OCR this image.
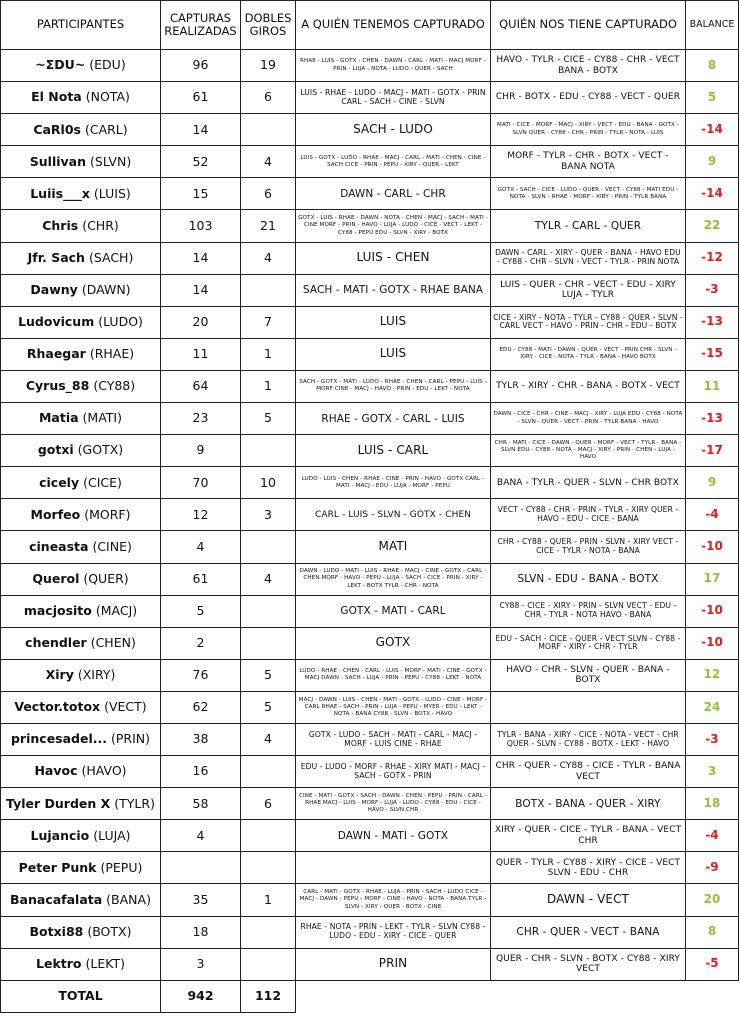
PARTICIPANTES	CAPTURAS REALIZADAS	DOBLES GIROS	A QUIÉN TENEMOS CAPTURADO	QUIÉN NOS TIENE CAPTURADO	BALANCE
~ΣDU~ (EDU)	96	19	RHAE - LUIS - GOTX - CHEN - DAWN - CARL - MATI - MACJ MORF - PRIN - LUJA - NOTA - LUDO - QUER - SACH	HAVO - TYLR - CICE - CY88 - CHR - VECT BANA - BOTX	8
El Nota (NOTA)	61	6	LUIS - RHAE - LUDO - MACJ - MATI - GOTX - PRIN CARL - SACH - CINE - SLVN	CHR - BOTX - EDU - CY88 - VECT - QUER	5
CaRl0s (CARL)	14		SACH - LUDO	MATI - CICE - MORF - MACJ - XIRY - VECT - EDU - BANA - GOTX - SLVN QUER - CY88 - CHR - PRIN - TYLR - NOTA - LUIS	-14
Sullivan (SLVN)	52	4	LUIS - GOTX - LUDO - RHAE - MACJ - CARL - MATI - CHEN - CINE - SACH CICE - PRIN - PEPU - XIRY - QUER - LEKT	MORF - TYLR - CHR - BOTX - VECT - BANA NOTA	9
Luiis___x (LUIS)	15	6	DAWN - CARL - CHR	GOTX - SACH - CICE - LUDO - QUER - VECT - CY88 - MATI EDU - NOTA - SLVN - RHAE - MORF - XIRY - PRIN - TYLR BANA	-14
Chris (CHR)	103	21	GOTX - LUIS - RHAE - DAWN - NOTA - CHEN - MACJ - SACH - MATI - CINE MORF - PRIN - HAVO - LUJA - LUDO - CICE - VECT - LEKT - CY88 - PEPU EDU - SLVN - XIRY - BOTX	TYLR - CARL - QUER	22
Jfr. Sach (SACH)	14	4	LUIS - CHEN	DAWN - CARL - XIRY - QUER - BANA - HAVO EDU - CY88 - CHR - SLVN - VECT - TYLR - PRIN NOTA	-12
Dawny (DAWN)	14		SACH - MATI - GOTX - RHAE BANA	LUIS - QUER - CHR - VECT - EDU - XIRY LUJA - TYLR	-3
Ludovicum (LUDO)	20	7	LUIS	CICE - XIRY - NOTA - TYLR - CY88 - QUER - SLVN - CARL VECT - HAVO - PRIN - CHR - EDU - BOTX	-13
Rhaegar (RHAE)	11	1	LUIS	EDU - CY88 - MATI - DAWN - QUER - VECT - PRIN CHR - SLVN - XIRY - CICE - NOTA - TYLR - BANA - HAVO BOTX	-15
Cyrus_88 (CY88)	64	1	SACH - GOTX - MATI - LUDO - RHAE - CHEN - CARL - PEPU - LUIS - MORF CINE - MACJ - HAVO - PRIN - EDU - LEKT - NOTA	TYLR - XIRY - CHR - BANA - BOTX - VECT	11
Matia (MATI)	23	5	RHAE - GOTX - CARL - LUIS	DAWN - CICE - CHR - CINE - MACJ - XIRY - LUJA EDU - CY88 - NOTA - SLVN - QUER - VECT - PRIN - TYLR BANA - HAVO	-13
gotxi (GOTX)	9		LUIS - CARL	CHR - MATI - CICE - DAWN - QUER - MORF - VECT - TYLR - BANA - SLVN EDU - CY88 - NOTA - MACJ - XIRY - PRIN - CHEN - LUJA - HAVO	-17
cicely (CICE)	70	10	LUDO - LUIS - CHEN - RHAE - CINE - PRIN - HAVO - GOTX CARL - MATI - MACJ - EDU - LUJA - MORF - PEPU	BANA - TYLR - QUER - SLVN - CHR BOTX	9
Morfeo (MORF)	12	3	CARL - LUIS - SLVN - GOTX - CHEN	VECT - CY88 - CHR - PRIN - TYLR - XIRY QUER - HAVO - EDU - CICE - BANA	-4
cineasta (CINE)	4		MATI	CHR - CY88 - QUER - PRIN - SLVN - XIRY VECT - CICE - TYLR - NOTA - BANA	-10
Querol (QUER)	61	4	DAWN - LUDO - MATI - LUIS - RHAE - MACJ - CINE - GOTX - CARL - CHEN MORF - HAVO - PEPU - LUJA - SACH - CICE - PRIN - XIRY - LEKT - BOTX TYLR - CHR - NOTA	SLVN - EDU - BANA - BOTX	17
macjosito (MACJ)	5		GOTX - MATI - CARL	CY88 - CICE - XIRY - PRIN - SLVN VECT - EDU - CHR - TYLR - NOTA HAVO - BANA	-10
chendler (CHEN)	2		GOTX	EDU - SACH - CICE - QUER - VECT SLVN - CY88 - MORF - XIRY - CHR - TYLR	-10
Xiry (XIRY)	76	5	LUDO - RHAE - CHEN - CARL - LUIS - MORF - MATI - CINE - GOTX - MACJ DAWN - SACH - LUJA - PRIN - PEPU - CY88 - LEKT - NOTA	HAVO - CHR - SLVN - QUER - BANA - BOTX	12
Vector.totox (VECT)	62	5	MACJ - DAWN - LUIS - CHEN - MATI - GOTX - LUDO - CINE - MORF - CARL RHAE - SACH - PRIN - LUJA - PEPU - MYER - EDU - LEKT - NOTA - BANA CY88 - SLVN - BOTX - HAVO		24
princesadel... (PRIN)	38	4	GOTX - LUDO - SACH - MATI - CARL - MACJ - MORF - LUIS CINE - RHAE	TYLR - BANA - XIRY - CICE - NOTA - VECT - CHR QUER - SLVN - CY88 - BOTX - LEKT - HAVO	-3
Havoc (HAVO)	16		EDU - LUDO - MORF - RHAE - XIRY MATI - MACJ - SACH - GOTX - PRIN	CHR - QUER - CY88 - CICE - TYLR - BANA VECT	3
Tyler Durden X (TYLR)	58	6	CINE - MATI - GOTX - SACH - DAWN - CHEN - PEPU - PRIN - CARL - RHAE MACJ - LUIS - MORF - LUJA - LUDO - CY88 - EDU - CICE - HAVO - SLVN CHR	BOTX - BANA - QUER - XIRY	18
Lujancio (LUJA)	4		DAWN - MATI - GOTX	XIRY - QUER - CICE - TYLR - BANA - VECT CHR	-4
Peter Punk (PEPU)				QUER - TYLR - CY88 - XIRY - CICE - VECT SLVN - EDU - CHR	-9
Banacafalata (BANA)	35	1	CARL - MATI - GOTX - RHAE - LUJA - PRIN - SACH - LUDO CICE - MACJ - DAWN - PEPU - MORF - CINE - HAVO - NOTA - BANA TYLR - SLVN - XIRY - QUER - BOTX - CINE	DAWN - VECT	20
Botxi88 (BOTX)	18		RHAE - NOTA - PRIN - LEKT - TYLR - SLVN CY88 - LUDO - EDU - XIRY - CICE - QUER	CHR - QUER - VECT - BANA	8
Lektro (LEKT)	3		PRIN	QUER - CHR - SLVN - BOTX - CY88 - XIRY VECT	-5
TOTAL	942	112			
